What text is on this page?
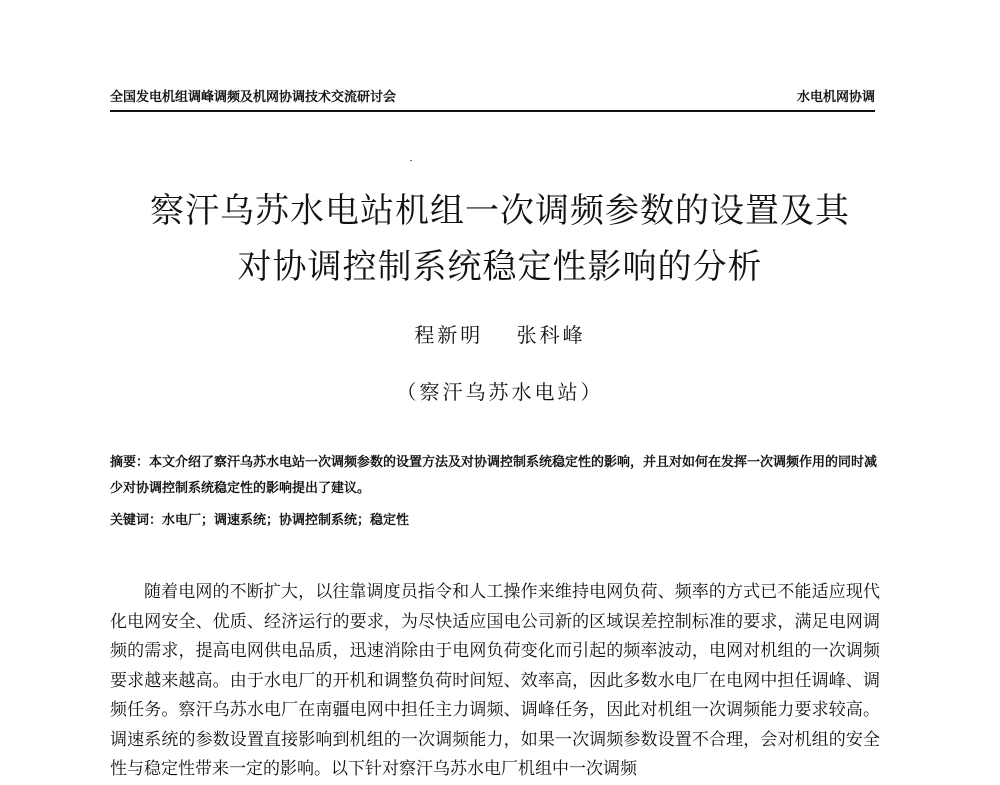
全国发电机组调峰调频及机网协调技术交流研讨会	水电机网协调
察汗乌苏水电站机组一次调频参数的设置及其
对协调控制系统稳定性影响的分析
程新明 张科峰
（察汗乌苏水电站）
摘要：本文介绍了察汗乌苏水电站一次调频参数的设置方法及对协调控制系统稳定性的影响，并且对如何在发挥一次调频作用的同时减少对协调控制系统稳定性的影响提出了建议。
关键词：水电厂；调速系统；协调控制系统；稳定性

随着电网的不断扩大，以往靠调度员指令和人工操作来维持电网负荷、频率的方式已不能适应现代化电网安全、优质、经济运行的要求，为尽快适应国电公司新的区域误差控制标准的要求，满足电网调频的需求，提高电网供电品质，迅速消除由于电网负荷变化而引起的频率波动，电网对机组的一次调频要求越来越高。由于水电厂的开机和调整负荷时间短、效率高，因此多数水电厂在电网中担任调峰、调频任务。察汗乌苏水电厂在南疆电网中担任主力调频、调峰任务，因此对机组一次调频能力要求较高。调速系统的参数设置直接影响到机组的一次调频能力，如果一次调频参数设置不合理，会对机组的安全性与稳定性带来一定的影响。以下针对察汗乌苏水电厂机组中一次调频
